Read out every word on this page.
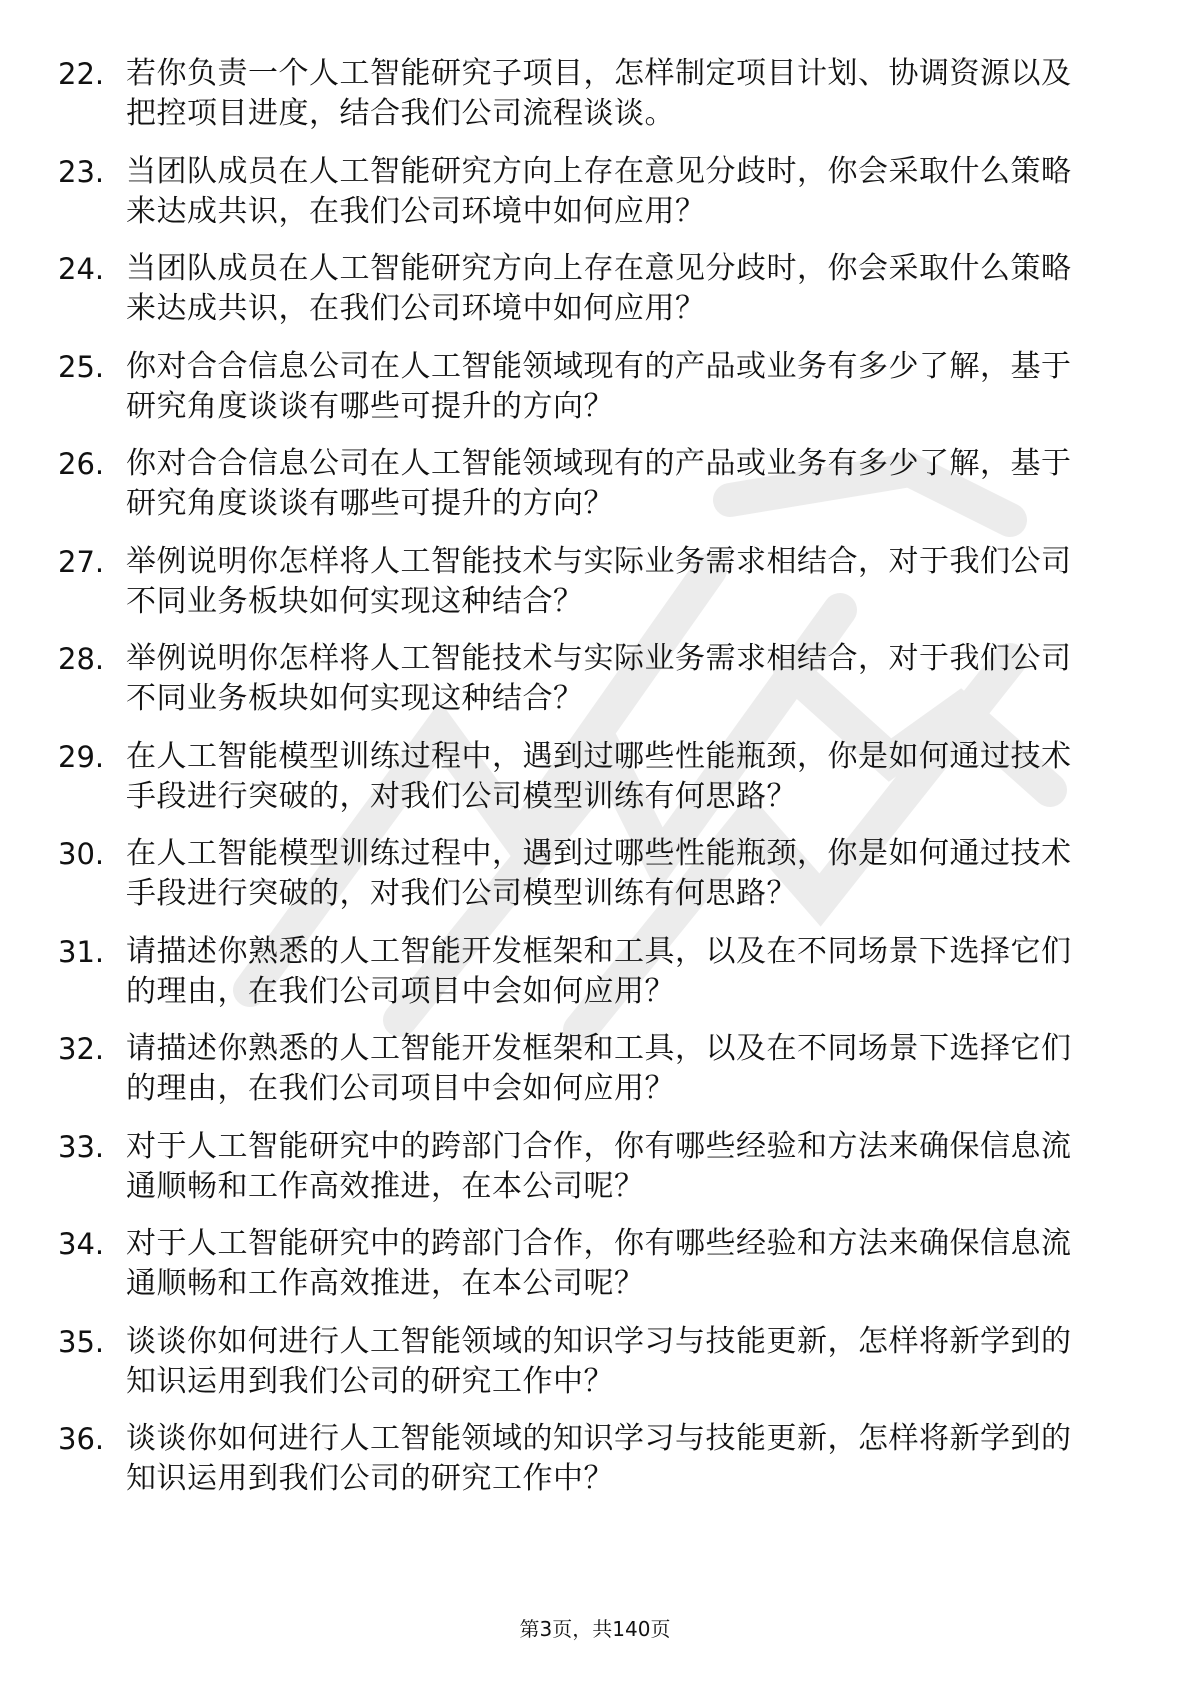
22. 若你负责一个人工智能研究子项目，怎样制定项目计划、协调资源以及把控项目进度，结合我们公司流程谈谈。
23. 当团队成员在人工智能研究方向上存在意见分歧时，你会采取什么策略来达成共识，在我们公司环境中如何应用？
24. 当团队成员在人工智能研究方向上存在意见分歧时，你会采取什么策略来达成共识，在我们公司环境中如何应用？
25. 你对合合信息公司在人工智能领域现有的产品或业务有多少了解，基于研究角度谈谈有哪些可提升的方向？
26. 你对合合信息公司在人工智能领域现有的产品或业务有多少了解，基于研究角度谈谈有哪些可提升的方向？
27. 举例说明你怎样将人工智能技术与实际业务需求相结合，对于我们公司不同业务板块如何实现这种结合？
28. 举例说明你怎样将人工智能技术与实际业务需求相结合，对于我们公司不同业务板块如何实现这种结合？
29. 在人工智能模型训练过程中，遇到过哪些性能瓶颈，你是如何通过技术手段进行突破的，对我们公司模型训练有何思路？
30. 在人工智能模型训练过程中，遇到过哪些性能瓶颈，你是如何通过技术手段进行突破的，对我们公司模型训练有何思路？
31. 请描述你熟悉的人工智能开发框架和工具，以及在不同场景下选择它们的理由，在我们公司项目中会如何应用？
32. 请描述你熟悉的人工智能开发框架和工具，以及在不同场景下选择它们的理由，在我们公司项目中会如何应用？
33. 对于人工智能研究中的跨部门合作，你有哪些经验和方法来确保信息流通顺畅和工作高效推进，在本公司呢？
34. 对于人工智能研究中的跨部门合作，你有哪些经验和方法来确保信息流通顺畅和工作高效推进，在本公司呢？
35. 谈谈你如何进行人工智能领域的知识学习与技能更新，怎样将新学到的知识运用到我们公司的研究工作中？
36. 谈谈你如何进行人工智能领域的知识学习与技能更新，怎样将新学到的知识运用到我们公司的研究工作中？
第3页，共140页
